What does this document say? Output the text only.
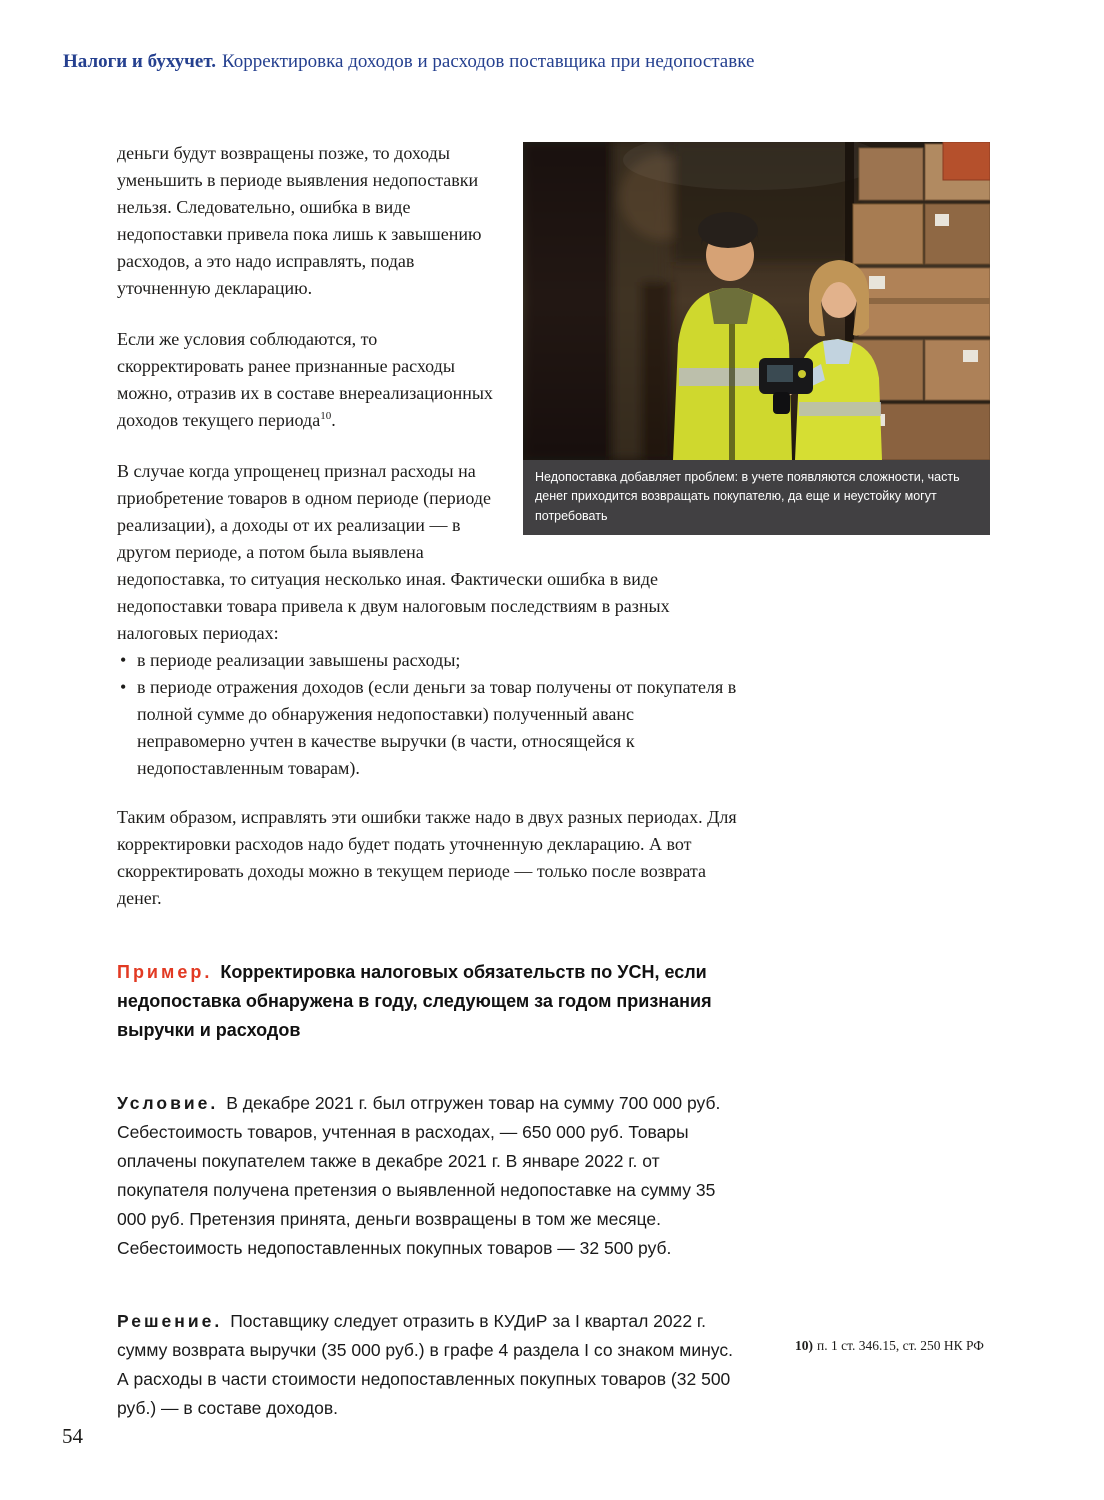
Налоги и бухучет. Корректировка доходов и расходов поставщика при недопоставке
Недопоставка добавляет проблем: в учете появляются сложности, часть денег приходится возвращать покупателю, да еще и неустойку могут потребовать

деньги будут возвращены позже, то доходы уменьшить в периоде выявления недопоставки нельзя. Следовательно, ошибка в виде недопоставки привела пока лишь к завышению расходов, а это надо исправлять, подав уточненную декларацию.

Если же условия соблюдаются, то скорректировать ранее признанные расходы можно, отразив их в составе внереализационных доходов текущего периода$^{10}$.

В случае когда упрощенец признал расходы на приобретение товаров в одном периоде (периоде реализации), а доходы от их реализации — в другом периоде, а потом была выявлена недопоставка, то ситуация несколько иная. Фактически ошибка в виде недопоставки товара привела к двум налоговым последствиям в разных налоговых периодах:

• в периоде реализации завышены расходы;
• в периоде отражения доходов (если деньги за товар получены от покупателя в полной сумме до обнаружения недопоставки) полученный аванс неправомерно учтен в качестве выручки (в части, относящейся к недопоставленным товарам).

Таким образом, исправлять эти ошибки также надо в двух разных периодах. Для корректировки расходов надо будет подать уточненную декларацию. А вот скорректировать доходы можно в текущем периоде — только после возврата денег.

Пример. Корректировка налоговых обязательств по УСН, если недопоставка обнаружена в году, следующем за годом признания выручки и расходов

Условие. В декабре 2021 г. был отгружен товар на сумму 700 000 руб. Себестоимость товаров, учтенная в расходах, — 650 000 руб. Товары оплачены покупателем также в декабре 2021 г. В январе 2022 г. от покупателя получена претензия о выявленной недопоставке на сумму 35 000 руб. Претензия принята, деньги возвращены в том же месяце. Себестоимость недопоставленных покупных товаров — 32 500 руб.

Решение. Поставщику следует отразить в КУДиР за I квартал 2022 г. сумму возврата выручки (35 000 руб.) в графе 4 раздела I со знаком минус. А расходы в части стоимости недопоставленных покупных товаров (32 500 руб.) — в составе доходов.

10) п. 1 ст. 346.15, ст. 250 НК РФ
54
